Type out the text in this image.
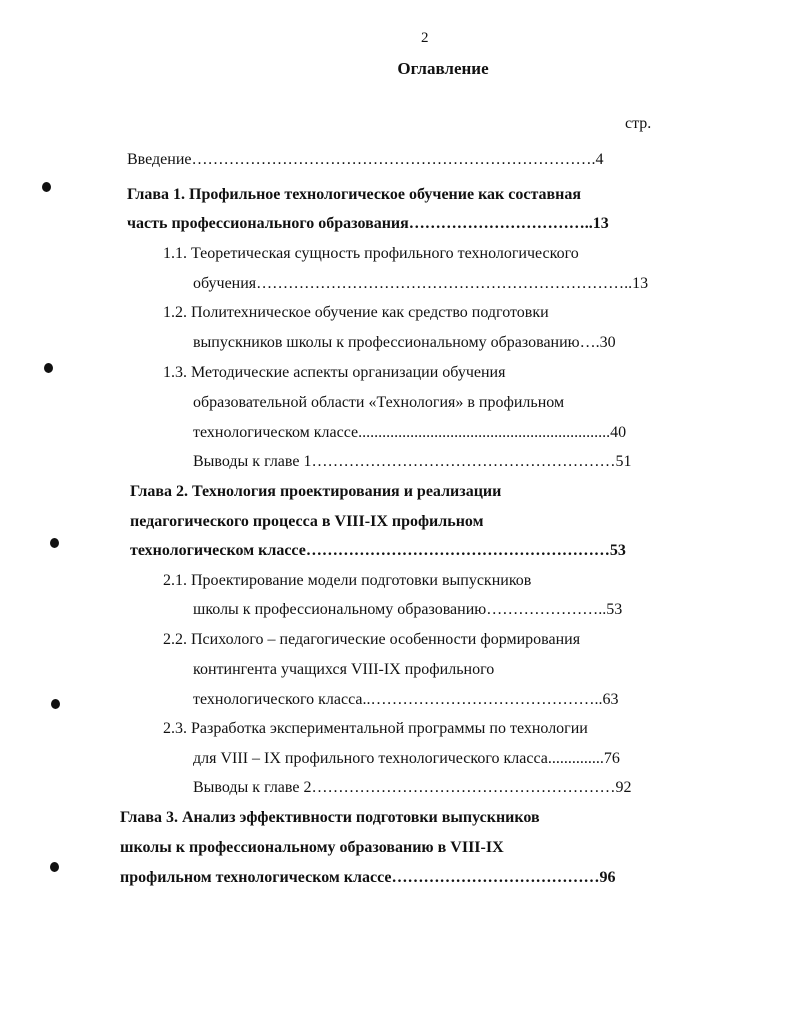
2
Оглавление
стр.
Введение………………………………………………………………….4
Глава 1. Профильное технологическое обучение как составная
часть профессионального образования……………………………..13
1.1. Теоретическая сущность профильного технологического
обучения……………………………………………………………..13
1.2. Политехническое обучение как средство подготовки
выпускников школы к профессиональному образованию….30
1.3. Методические аспекты организации обучения
образовательной области «Технология» в профильном
технологическом классе...............................................................40
Выводы к главе 1…………………………………………………51
Глава 2. Технология проектирования и реализации
педагогического процесса в VIII-IX профильном
технологическом классе…………………………………………………53
2.1. Проектирование модели подготовки выпускников
школы к профессиональному образованию…………………..53
2.2. Психолого – педагогические особенности формирования
контингента учащихся VIII-IX профильного
технологического класса..……………………………………..63
2.3. Разработка экспериментальной программы по технологии
для VIII – IX профильного технологического класса..............76
Выводы к главе 2…………………………………………………92
Глава 3. Анализ эффективности подготовки выпускников
школы к профессиональному образованию в VIII-IX
профильном технологическом классе…………………………………96
